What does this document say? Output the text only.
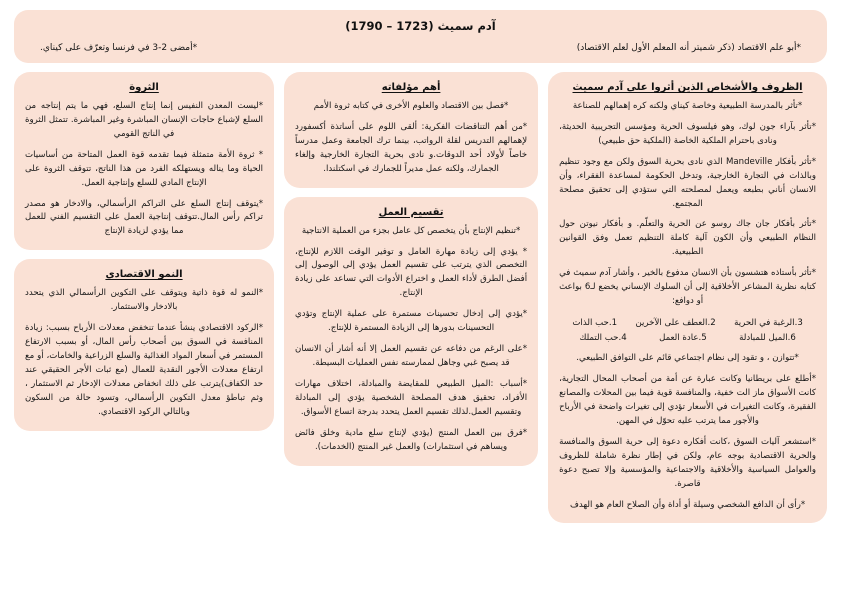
آدم سميث (1723 – 1790)
*أبو علم الاقتصاد (ذكر شميتر أنه المعلم الأول لعلم الاقتصاد)
*أمضى 2-3 في فرنسا وتعرّف على كيناي.
الظروف والأشخاص الذين أثروا على آدم سميث

*تأثر بالمدرسة الطبيعية وخاصة كيناي ولكنه كره إهمالهم للصناعة

*تأثر بآراء جون لوك، وهو فيلسوف الحرية ومؤسس التجريبية الحديثة، ونادى باحترام الملكية الخاصة (الملكية حق طبيعي)

*تأثر بأفكار Mandeville الذي نادى بحرية السوق ولكن مع وجود تنظيم وبالذات في التجارة الخارجية، وتدخل الحكومة لمساعدة الفقراء، وأن الانسان أناني بطبعه ويعمل لمصلحته التي ستؤدي إلى تحقيق مصلحة المجتمع.

*تأثر بأفكار جان جاك روسو عن الحرية والتعلّم. و بأفكار نيوتن حول النظام الطبيعي وأن الكون آلية كاملة التنظيم تعمل وفق القوانين الطبيعية.

*تأثر بأستاذه هتشسون بأن الانسان مدفوع بالخير ، وأشار آدم سميث في كتابه نظرية المشاعر الأخلاقية إلى أن السلوك الإنساني يخضع لـ6 بواعث أو دوافع:

3.الرغبة في الحرية
2.العطف على الآخرين
1.حب الذات
6.الميل للمبادلة
5.عادة العمل
4.حب التملك

*تتوازن ، و تقود إلى نظام اجتماعي قائم على التوافق الطبيعي.

*أطلع على بريطانيا وكانت عبارة عن أمة من أصحاب المحال التجارية، كانت الأسواق ماز الت خفية، والمنافسة قوية فيما بين المحلات والمصانع الفقيرة، وكانت التغيرات في الأسعار تؤدي إلى تغيرات واضحة في الأرباح والأجور مما يترتب عليه تحوّل في المهن.

*استشعر آليات السوق ،كانت أفكاره دعوة إلى حرية السوق والمنافسة والحرية الاقتصادية بوجه عام، ولكن في إطار نظرة شاملة للظروف والعوامل السياسية والأخلاقية والاجتماعية والمؤسسية وإلا تصبح دعوة قاصرة.

*رأى أن الدافع الشخصي وسيلة أو أداة وأن الصلاح العام هو الهدف

أهم مؤلفاته

*فصل بين الاقتصاد والعلوم الأخرى في كتابه ثروة الأمم

*من أهم التناقضات الفكرية: ألقى اللوم على أساتذة أكسفورد لإهمالهم التدريس لقلة الرواتب، بينما ترك الجامعة وعمل مدرساً خاصاً لأولاد أحد الدوقات.و نادى بحرية التجارة الخارجية وإلغاء الجمارك، ولكنه عمل مديراً للجمارك في اسكتلندا.

تقسيم العمل

*تنظيم الإنتاج بأن يتخصص كل عامل بجزء من العملية الانتاجية

* يؤدي إلى زيادة مهارة العامل و توفير الوقت اللازم للإنتاج، التخصص الذي يترتب على تقسيم العمل يؤدي إلى الوصول إلى أفضل الطرق لأداء العمل و اختراع الأدوات التي تساعد على زيادة الإنتاج.

*يؤدي إلى إدخال تحسينات مستمرة على عملية الإنتاج وتؤدي التحسينات بدورها إلى الزيادة المستمرة للإنتاج.

*على الرغم من دفاعه عن تقسيم العمل إلا أنه أشار أن الانسان قد يصبح غبي وجاهل لممارسته نفس العمليات البسيطة.

*أسباب :الميل الطبيعي للمقايضة والمبادلة، اختلاف مهارات الأفراد، تحقيق هدف المصلحة الشخصية يؤدي إلى المبادلة وتقسيم العمل.لذلك تقسيم العمل يتحدد بدرجة اتساع الأسواق.

*فرق بين العمل المنتج (يؤدي لإنتاج سلع مادية وخلق فائض ويساهم في استثمارات) والعمل غير المنتج (الخدمات).

الثروة

*ليست المعدن النفيس إنما إنتاج السلع، فهي ما يتم إنتاجه من السلع لإشباع حاجات الإنسان المباشرة وغير المباشرة. تتمثل الثروة في الناتج القومي

* ثروة الأمة متمثلة فيما تقدمه قوة العمل المتاحة من أساسيات الحياة وما يناله ويستهلكه الفرد من هذا الناتج، تتوقف الثروة على الإنتاج المادي للسلع وإنتاجية العمل.

*يتوقف إنتاج السلع على التراكم الرأسمالي، والادخار هو مصدر تراكم رأس المال.تتوقف إنتاجية العمل على التقسيم الفني للعمل مما يؤدي لزيادة الإنتاج

النمو الاقتصادي

*النمو له قوة ذاتية ويتوقف على التكوين الرأسمالي الذي يتحدد بالادخار والاستثمار.

*الركود الاقتصادي ينشأ عندما تنخفض معدلات الأرباح بسبب: زيادة المنافسة في السوق بين أصحاب رأس المال، أو بسبب الارتفاع المستمر في أسعار المواد الغذائية والسلع الزراعية والخامات، أو مع ارتفاع معدلات الأجور النقدية للعمال (مع ثبات الأجر الحقيقي عند حد الكفاف)يترتب على ذلك انخفاض معدلات الإدخار ثم الاستثمار ، وثم تباطؤ معدل التكوين الرأسمالي، وتسود حالة من السكون وبالتالي الركود الاقتصادي.
